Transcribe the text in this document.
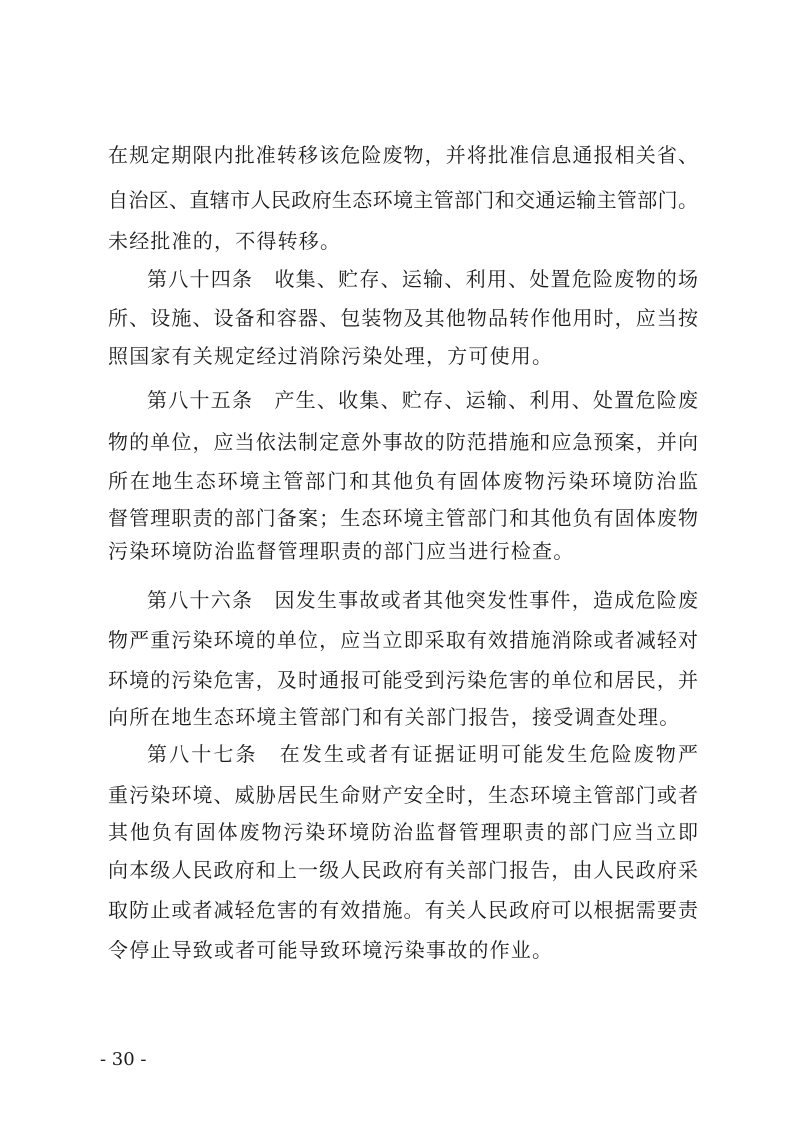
在规定期限内批准转移该危险废物，并将批准信息通报相关省、
自治区、直辖市人民政府生态环境主管部门和交通运输主管部门。
未经批准的，不得转移。
第八十四条　收集、贮存、运输、利用、处置危险废物的场
所、设施、设备和容器、包装物及其他物品转作他用时，应当按
照国家有关规定经过消除污染处理，方可使用。
第八十五条　产生、收集、贮存、运输、利用、处置危险废
物的单位，应当依法制定意外事故的防范措施和应急预案，并向
所在地生态环境主管部门和其他负有固体废物污染环境防治监
督管理职责的部门备案；生态环境主管部门和其他负有固体废物
污染环境防治监督管理职责的部门应当进行检查。
第八十六条　因发生事故或者其他突发性事件，造成危险废
物严重污染环境的单位，应当立即采取有效措施消除或者减轻对
环境的污染危害，及时通报可能受到污染危害的单位和居民，并
向所在地生态环境主管部门和有关部门报告，接受调查处理。
第八十七条　在发生或者有证据证明可能发生危险废物严
重污染环境、威胁居民生命财产安全时，生态环境主管部门或者
其他负有固体废物污染环境防治监督管理职责的部门应当立即
向本级人民政府和上一级人民政府有关部门报告，由人民政府采
取防止或者减轻危害的有效措施。有关人民政府可以根据需要责
令停止导致或者可能导致环境污染事故的作业。
- 30 -
